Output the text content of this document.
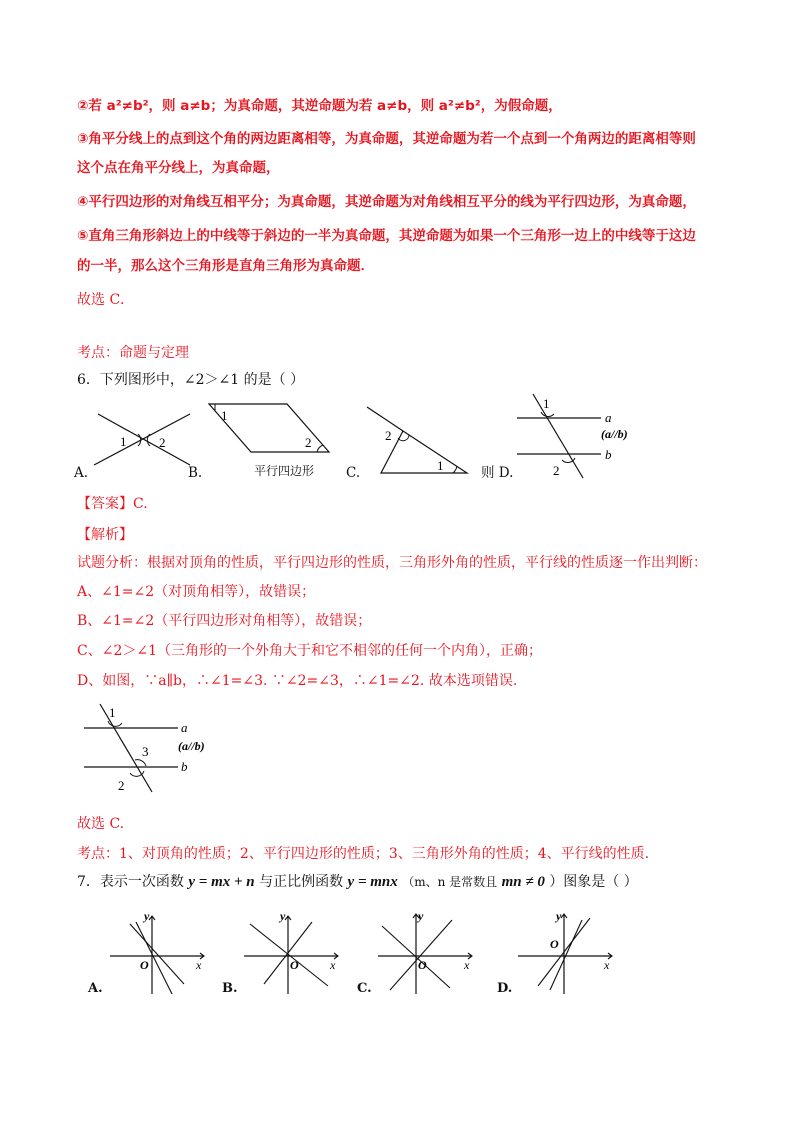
②若 a²≠b²，则 a≠b；为真命题，其逆命题为若 a≠b，则 a²≠b²，为假命题，
③角平分线上的点到这个角的两边距离相等，为真命题，其逆命题为若一个点到一个角两边的距离相等则
这个点在角平分线上，为真命题，
④平行四边形的对角线互相平分；为真命题，其逆命题为对角线相互平分的线为平行四边形，为真命题，
⑤直角三角形斜边上的中线等于斜边的一半为真命题，其逆命题为如果一个三角形一边上的中线等于这边
的一半，那么这个三角形是直角三角形为真命题．
故选 C．
考点：命题与定理
6．下列图形中，∠2＞∠1 的是（ ）
1	2
A.
1
2
B.	平行四边形
2
1
C.
1
2
a
(a//b)
b
则 D.
【答案】C.
【解析】
试题分析：根据对顶角的性质，平行四边形的性质，三角形外角的性质，平行线的性质逐一作出判断：
A、∠1=∠2（对顶角相等），故错误；
B、∠1=∠2（平行四边形对角相等），故错误；
C、∠2＞∠1（三角形的一个外角大于和它不相邻的任何一个内角），正确；
D、如图，∵a∥b，∴∠1=∠3. ∵∠2=∠3，∴∠1=∠2. 故本选项错误.
1
3
2
a
(a//b)
b
故选 C.
考点：1、对顶角的性质；2、平行四边形的性质；3、三角形外角的性质；4、平行线的性质.
7．表示一次函数 y = mx + n 与正比例函数 y = mnx （m、n 是常数且 mn ≠ 0 ）图象是（ ）
y
x
O
A.
y
x
O
B.
y
x
O
C.
y
x
O
D.
